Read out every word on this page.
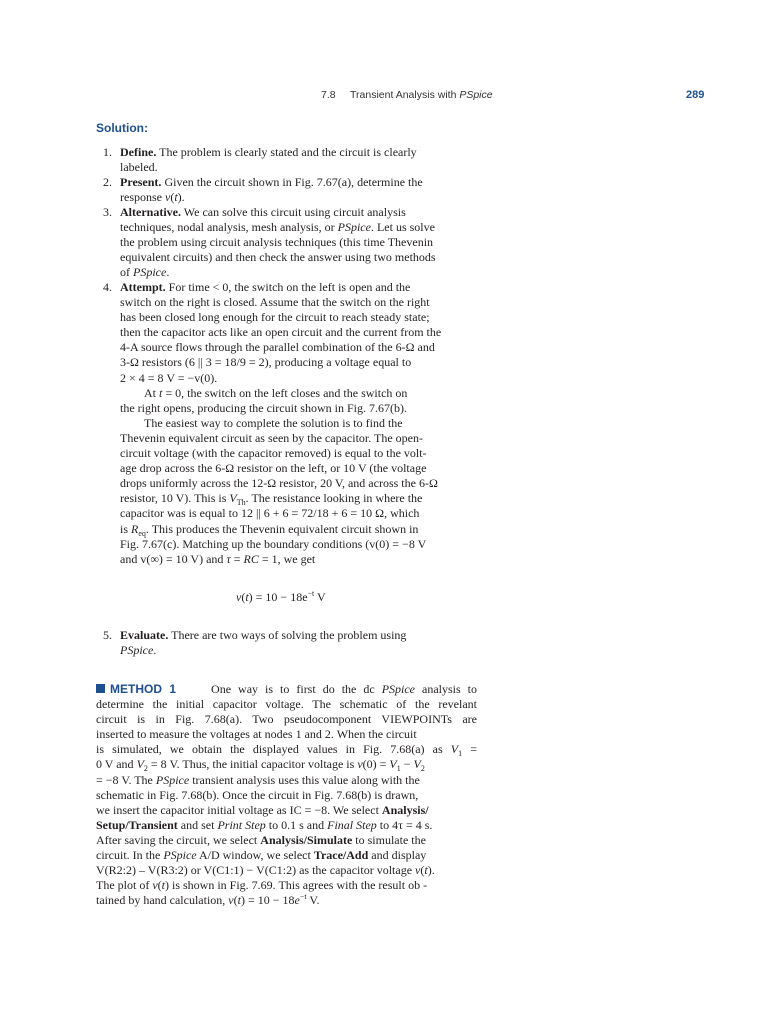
7.8 Transient Analysis with PSpice	289
Solution:
1. Define. The problem is clearly stated and the circuit is clearly
labeled.
2. Present. Given the circuit shown in Fig. 7.67(a), determine the
response v(t).
3. Alternative. We can solve this circuit using circuit analysis
techniques, nodal analysis, mesh analysis, or PSpice. Let us solve
the problem using circuit analysis techniques (this time Thevenin
equivalent circuits) and then check the answer using two methods
of PSpice.
4. Attempt. For time < 0, the switch on the left is open and the
switch on the right is closed. Assume that the switch on the right
has been closed long enough for the circuit to reach steady state;
then the capacitor acts like an open circuit and the current from the
4-A source flows through the parallel combination of the 6-Ω and
3-Ω resistors (6 || 3 = 18/9 = 2), producing a voltage equal to
2 × 4 = 8 V = −v(0).
At t = 0, the switch on the left closes and the switch on
the right opens, producing the circuit shown in Fig. 7.67(b).
The easiest way to complete the solution is to find the
Thevenin equivalent circuit as seen by the capacitor. The open-
circuit voltage (with the capacitor removed) is equal to the volt-
age drop across the 6-Ω resistor on the left, or 10 V (the voltage
drops uniformly across the 12-Ω resistor, 20 V, and across the 6-Ω
resistor, 10 V). This is $V_{Th}$. The resistance looking in where the
capacitor was is equal to 12 || 6 + 6 = 72/18 + 6 = 10 Ω, which
is $R_{eq}$. This produces the Thevenin equivalent circuit shown in
Fig. 7.67(c). Matching up the boundary conditions (v(0) = −8 V
and v(∞) = 10 V) and τ = RC = 1, we get
$v(t) = 10 - 18e^{-t}$ V
5. Evaluate. There are two ways of solving the problem using
PSpice.
METHOD 1	One way is to first do the dc PSpice analysis to
determine the initial capacitor voltage. The schematic of the revelant
circuit is in Fig. 7.68(a). Two pseudocomponent VIEWPOINTs are
inserted to measure the voltages at nodes 1 and 2. When the circuit
is simulated, we obtain the displayed values in Fig. 7.68(a) as $V_1$ =
0 V and $V_2 = 8$ V. Thus, the initial capacitor voltage is $v(0) = V_1 - V_2$
= −8 V. The PSpice transient analysis uses this value along with the
schematic in Fig. 7.68(b). Once the circuit in Fig. 7.68(b) is drawn,
we insert the capacitor initial voltage as IC = −8. We select Analysis/
Setup/Transient and set Print Step to 0.1 s and Final Step to 4τ = 4 s.
After saving the circuit, we select Analysis/Simulate to simulate the
circuit. In the PSpice A/D window, we select Trace/Add and display
V(R2:2) – V(R3:2) or V(C1:1) − V(C1:2) as the capacitor voltage v(t).
The plot of v(t) is shown in Fig. 7.69. This agrees with the result ob -
tained by hand calculation, $v(t) = 10 - 18e^{-t}$ V.
